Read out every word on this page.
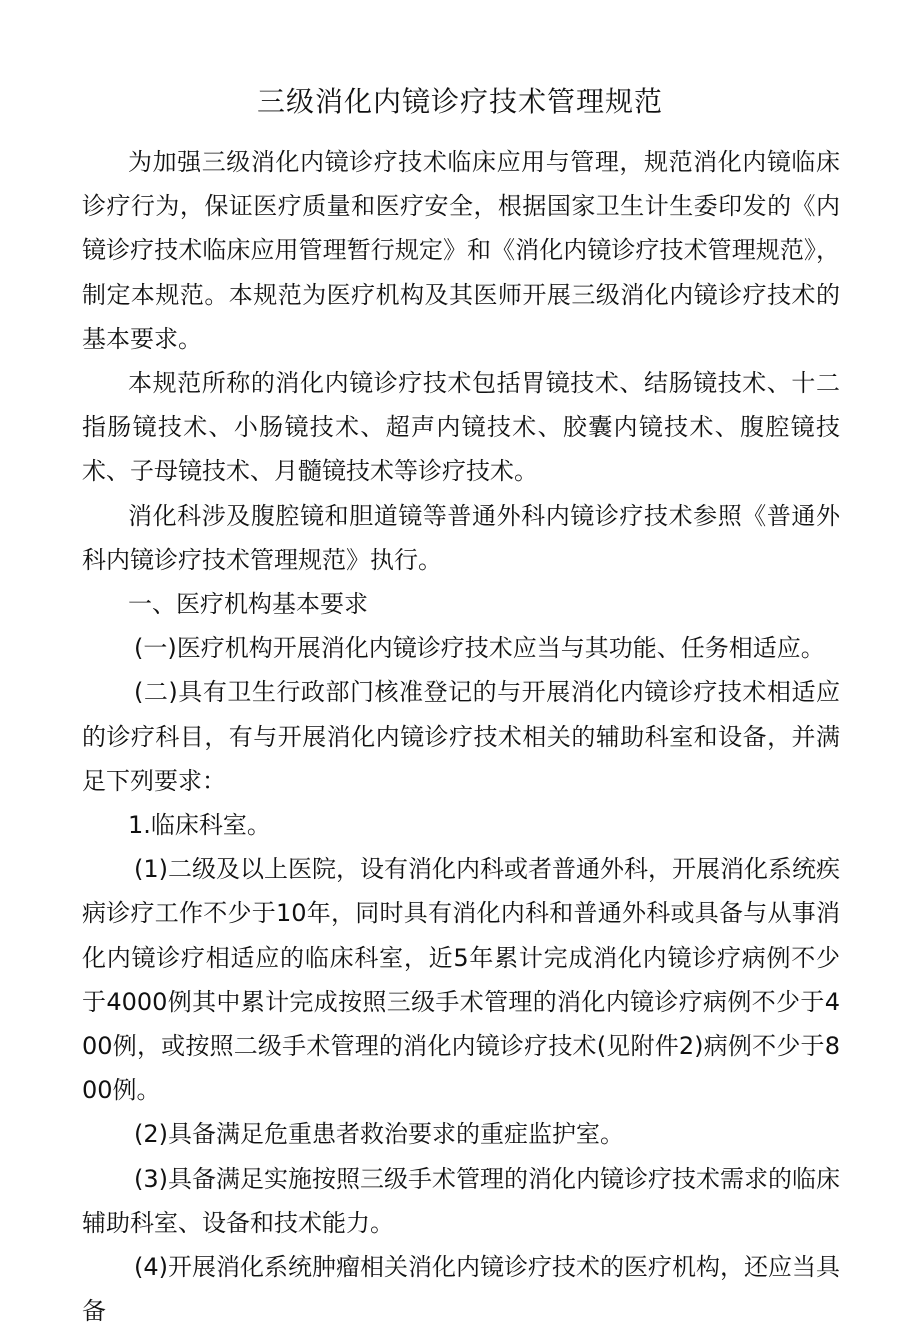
三级消化内镜诊疗技术管理规范

为加强三级消化内镜诊疗技术临床应用与管理，规范消化内镜临床诊疗行为，保证医疗质量和医疗安全，根据国家卫生计生委印发的《内镜诊疗技术临床应用管理暂行规定》和《消化内镜诊疗技术管理规范》，制定本规范。本规范为医疗机构及其医师开展三级消化内镜诊疗技术的基本要求。

本规范所称的消化内镜诊疗技术包括胃镜技术、结肠镜技术、十二指肠镜技术、小肠镜技术、超声内镜技术、胶囊内镜技术、腹腔镜技术、子母镜技术、月髓镜技术等诊疗技术。

消化科涉及腹腔镜和胆道镜等普通外科内镜诊疗技术参照《普通外科内镜诊疗技术管理规范》执行。

一、医疗机构基本要求

(一)医疗机构开展消化内镜诊疗技术应当与其功能、任务相适应。

(二)具有卫生行政部门核准登记的与开展消化内镜诊疗技术相适应的诊疗科目，有与开展消化内镜诊疗技术相关的辅助科室和设备，并满足下列要求：

1.临床科室。

(1)二级及以上医院，设有消化内科或者普通外科，开展消化系统疾病诊疗工作不少于10年，同时具有消化内科和普通外科或具备与从事消化内镜诊疗相适应的临床科室，近5年累计完成消化内镜诊疗病例不少于4000例其中累计完成按照三级手术管理的消化内镜诊疗病例不少于400例，或按照二级手术管理的消化内镜诊疗技术(见附件2)病例不少于800例。

(2)具备满足危重患者救治要求的重症监护室。

(3)具备满足实施按照三级手术管理的消化内镜诊疗技术需求的临床辅助科室、设备和技术能力。

(4)开展消化系统肿瘤相关消化内镜诊疗技术的医疗机构，还应当具备
